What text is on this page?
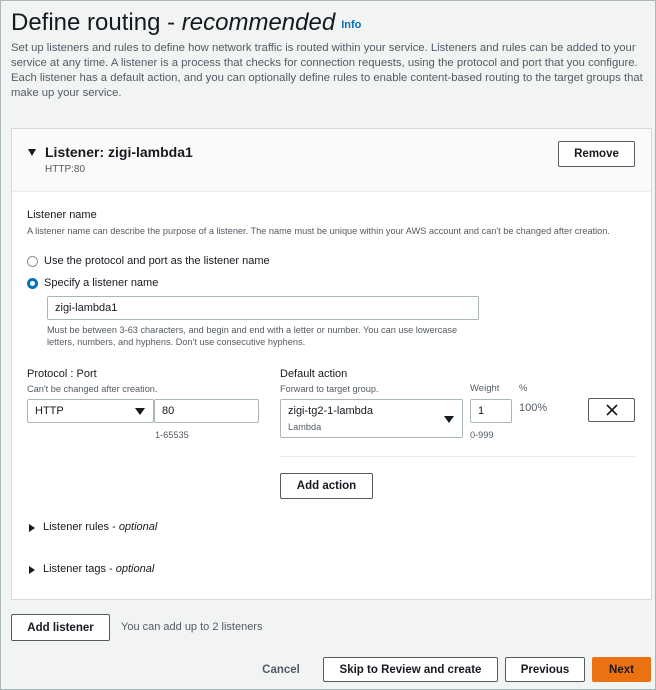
Define routing - recommended Info

Set up listeners and rules to define how network traffic is routed within your service. Listeners and rules can be added to your service at any time. A listener is a process that checks for connection requests, using the protocol and port that you configure. Each listener has a default action, and you can optionally define rules to enable content-based routing to the target groups that make up your service.

Listener: zigi-lambda1
HTTP:80
Remove
Listener name
A listener name can describe the purpose of a listener. The name must be unique within your AWS account and can't be changed after creation.
Use the protocol and port as the listener name
Specify a listener name
zigi-lambda1
Must be between 3-63 characters, and begin and end with a letter or number. You can use lowercase letters, numbers, and hyphens. Don't use consecutive hyphens.
Protocol : Port
Can't be changed after creation.
HTTP	80
1-65535
Default action
Forward to target group.
zigi-tg2-1-lambda
Lambda
Weight
1
0-999
%
100%
Add action
Listener rules - optional
Listener tags - optional
Add listener	You can add up to 2 listeners
Cancel	Skip to Review and create	Previous	Next
